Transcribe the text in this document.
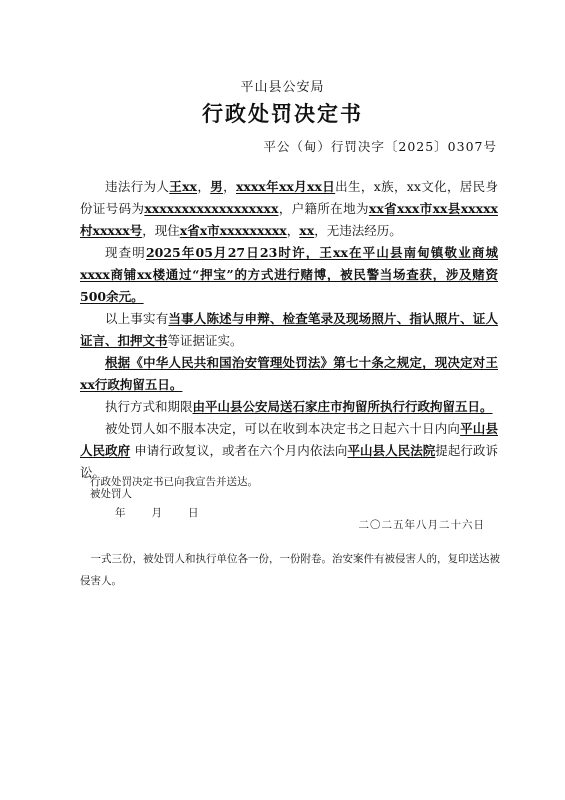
平山县公安局
行政处罚决定书
平公（甸）行罚决字〔2025〕0307号

违法行为人王xx，男，xxxx年xx月xx日出生，x族，xx文化，居民身份证号码为xxxxxxxxxxxxxxxxxx，户籍所在地为xx省xxx市xx县xxxxx村xxxxx号，现住x省x市xxxxxxxxx，xx，无违法经历。

现查明2025年05月27日23时许，王xx在平山县南甸镇敬业商城xxxx商铺xx楼通过“押宝”的方式进行赌博，被民警当场查获，涉及赌资500余元。

以上事实有当事人陈述与申辩、检查笔录及现场照片、指认照片、证人证言、扣押文书等证据证实。

根据《中华人民共和国治安管理处罚法》第七十条之规定，现决定对王xx行政拘留五日。

执行方式和期限由平山县公安局送石家庄市拘留所执行行政拘留五日。

被处罚人如不服本决定，可以在收到本决定书之日起六十日内向平山县人民政府 申请行政复议，或者在六个月内依法向平山县人民法院提起行政诉讼。

行政处罚决定书已向我宣告并送达。
被处罚人
年 月 日
二〇二五年八月二十六日
一式三份，被处罚人和执行单位各一份，一份附卷。治安案件有被侵害人的，复印送达被侵害人。
